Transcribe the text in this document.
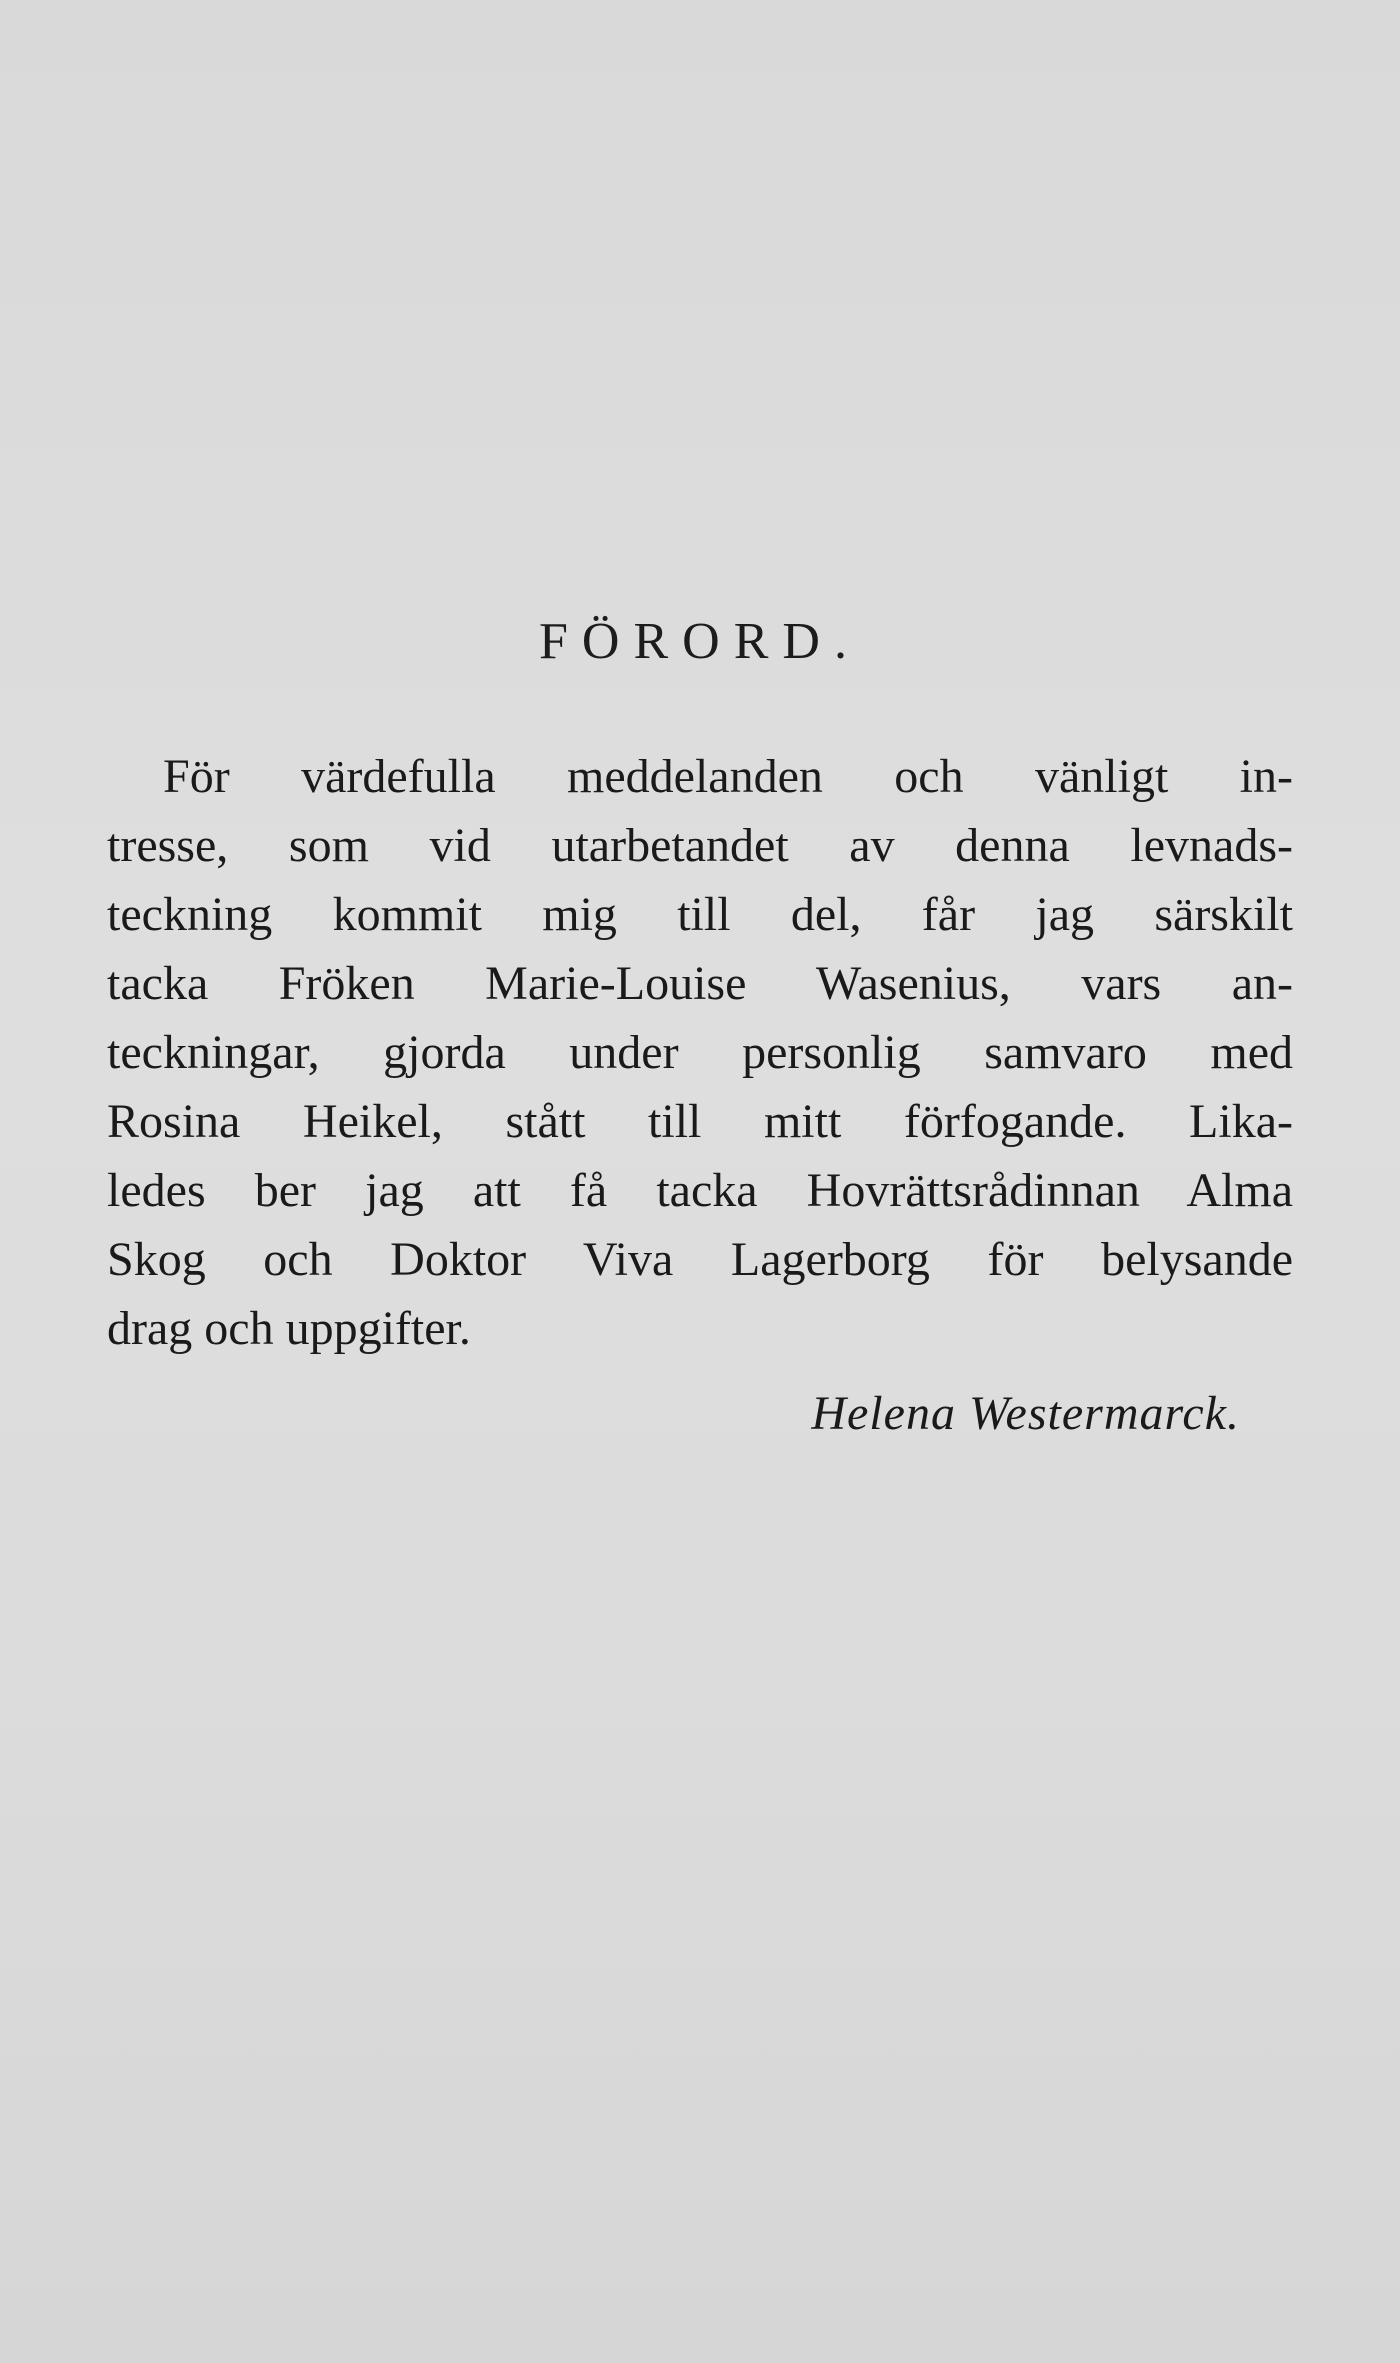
FÖRORD.
För värdefulla meddelanden och vänligt in-
tresse, som vid utarbetandet av denna levnads-
teckning kommit mig till del, får jag särskilt
tacka Fröken Marie-Louise Wasenius, vars an-
teckningar, gjorda under personlig samvaro med
Rosina Heikel, stått till mitt förfogande. Lika-
ledes ber jag att få tacka Hovrättsrådinnan Alma
Skog och Doktor Viva Lagerborg för belysande
drag och uppgifter.

Helena Westermarck.
